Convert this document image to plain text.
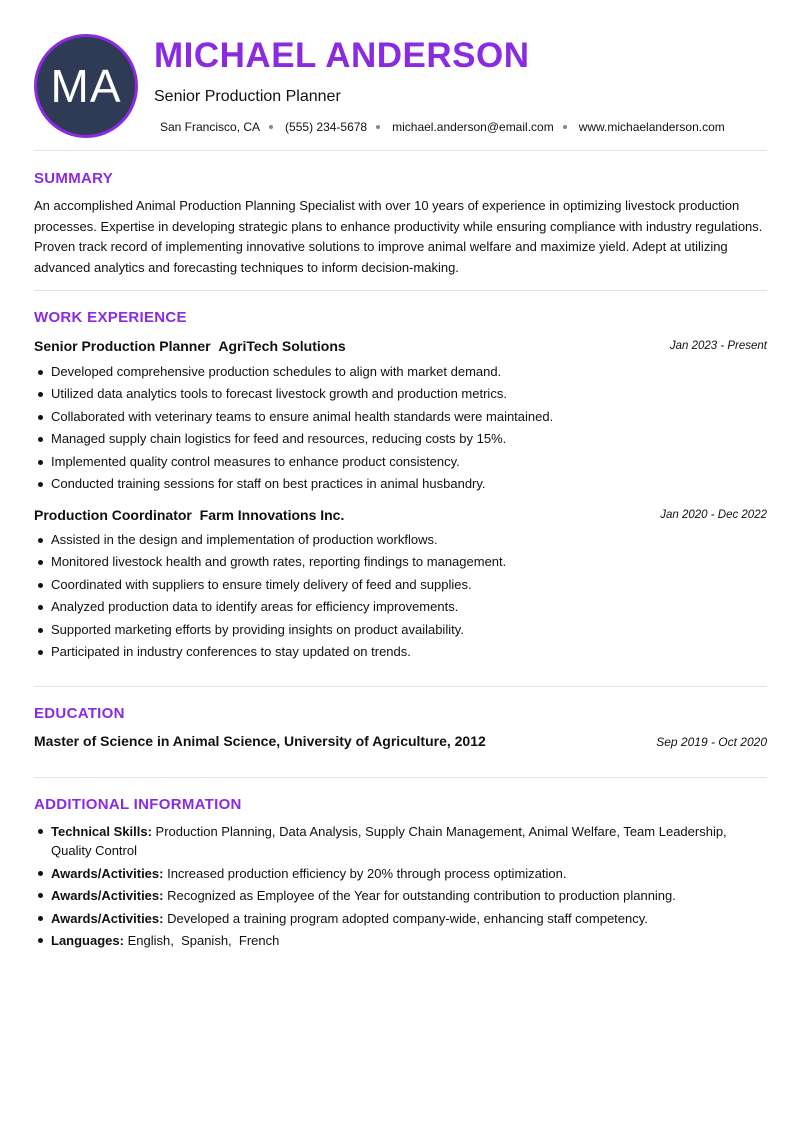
MA
MICHAEL ANDERSON
Senior Production Planner
San Francisco, CA (555) 234-5678 michael.anderson@email.com www.michaelanderson.com
SUMMARY

An accomplished Animal Production Planning Specialist with over 10 years of experience in optimizing livestock production processes. Expertise in developing strategic plans to enhance productivity while ensuring compliance with industry regulations. Proven track record of implementing innovative solutions to improve animal welfare and maximize yield. Adept at utilizing advanced analytics and forecasting techniques to inform decision-making.

WORK EXPERIENCE
Senior Production Planner AgriTech Solutions	Jan 2023 - Present
Developed comprehensive production schedules to align with market demand.
Utilized data analytics tools to forecast livestock growth and production metrics.
Collaborated with veterinary teams to ensure animal health standards were maintained.
Managed supply chain logistics for feed and resources, reducing costs by 15%.
Implemented quality control measures to enhance product consistency.
Conducted training sessions for staff on best practices in animal husbandry.
Production Coordinator Farm Innovations Inc.	Jan 2020 - Dec 2022
Assisted in the design and implementation of production workflows.
Monitored livestock health and growth rates, reporting findings to management.
Coordinated with suppliers to ensure timely delivery of feed and supplies.
Analyzed production data to identify areas for efficiency improvements.
Supported marketing efforts by providing insights on product availability.
Participated in industry conferences to stay updated on trends.
EDUCATION
Master of Science in Animal Science, University of Agriculture, 2012	Sep 2019 - Oct 2020
ADDITIONAL INFORMATION
Technical Skills: Production Planning, Data Analysis, Supply Chain Management, Animal Welfare, Team Leadership, Quality Control
Awards/Activities: Increased production efficiency by 20% through process optimization.
Awards/Activities: Recognized as Employee of the Year for outstanding contribution to production planning.
Awards/Activities: Developed a training program adopted company-wide, enhancing staff competency.
Languages: English,  Spanish,  French
